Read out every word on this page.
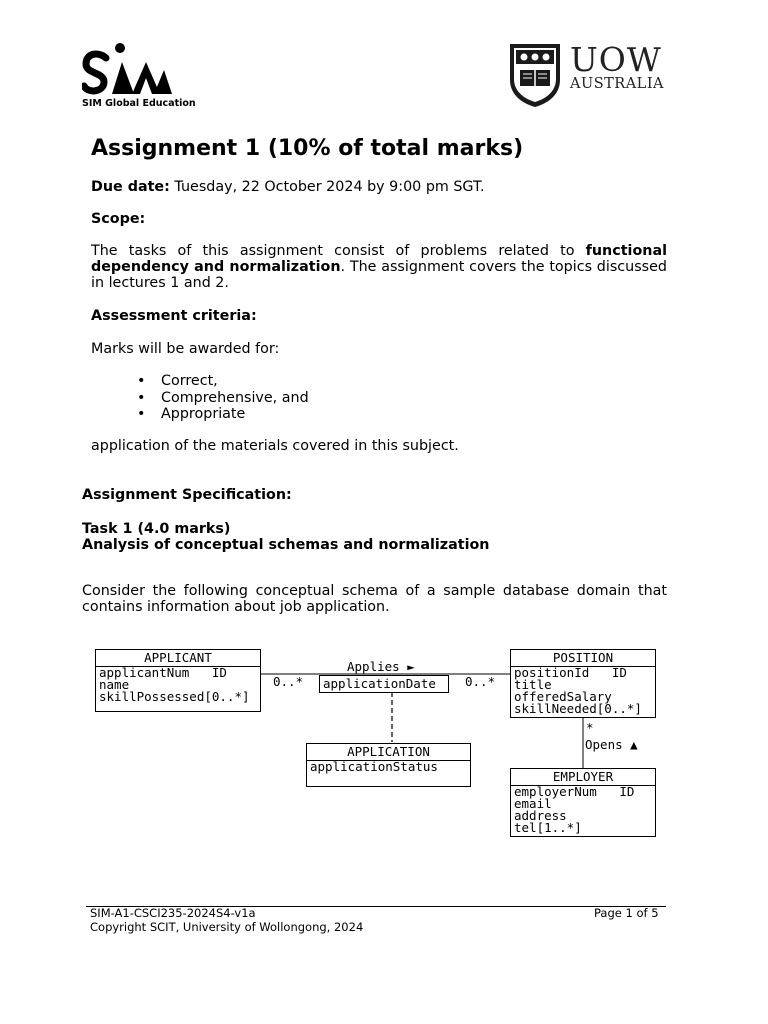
SIM Global Education
UOW
AUSTRALIA
Assignment 1 (10% of total marks)
Due date: Tuesday, 22 October 2024 by 9:00 pm SGT.
Scope:
The tasks of this assignment consist of problems related to functional dependency and normalization. The assignment covers the topics discussed in lectures 1 and 2.
Assessment criteria:
Marks will be awarded for:
• Correct,
• Comprehensive, and
• Appropriate
application of the materials covered in this subject.
Assignment Specification:
Task 1 (4.0 marks)
Analysis of conceptual schemas and normalization
Consider the following conceptual schema of a sample database domain that contains information about job application.
APPLICANT
applicantNum   ID
name
skillPossessed[0..*]
POSITION
positionId   ID
title
offeredSalary
skillNeeded[0..*]
Applies ►
applicationDate
0..*	0..*
APPLICATION
applicationStatus
*
Opens ▲
EMPLOYER
employerNum   ID
email
address
tel[1..*]
SIM-A1-CSCI235-2024S4-v1a	Page 1 of 5
Copyright SCIT, University of Wollongong, 2024
